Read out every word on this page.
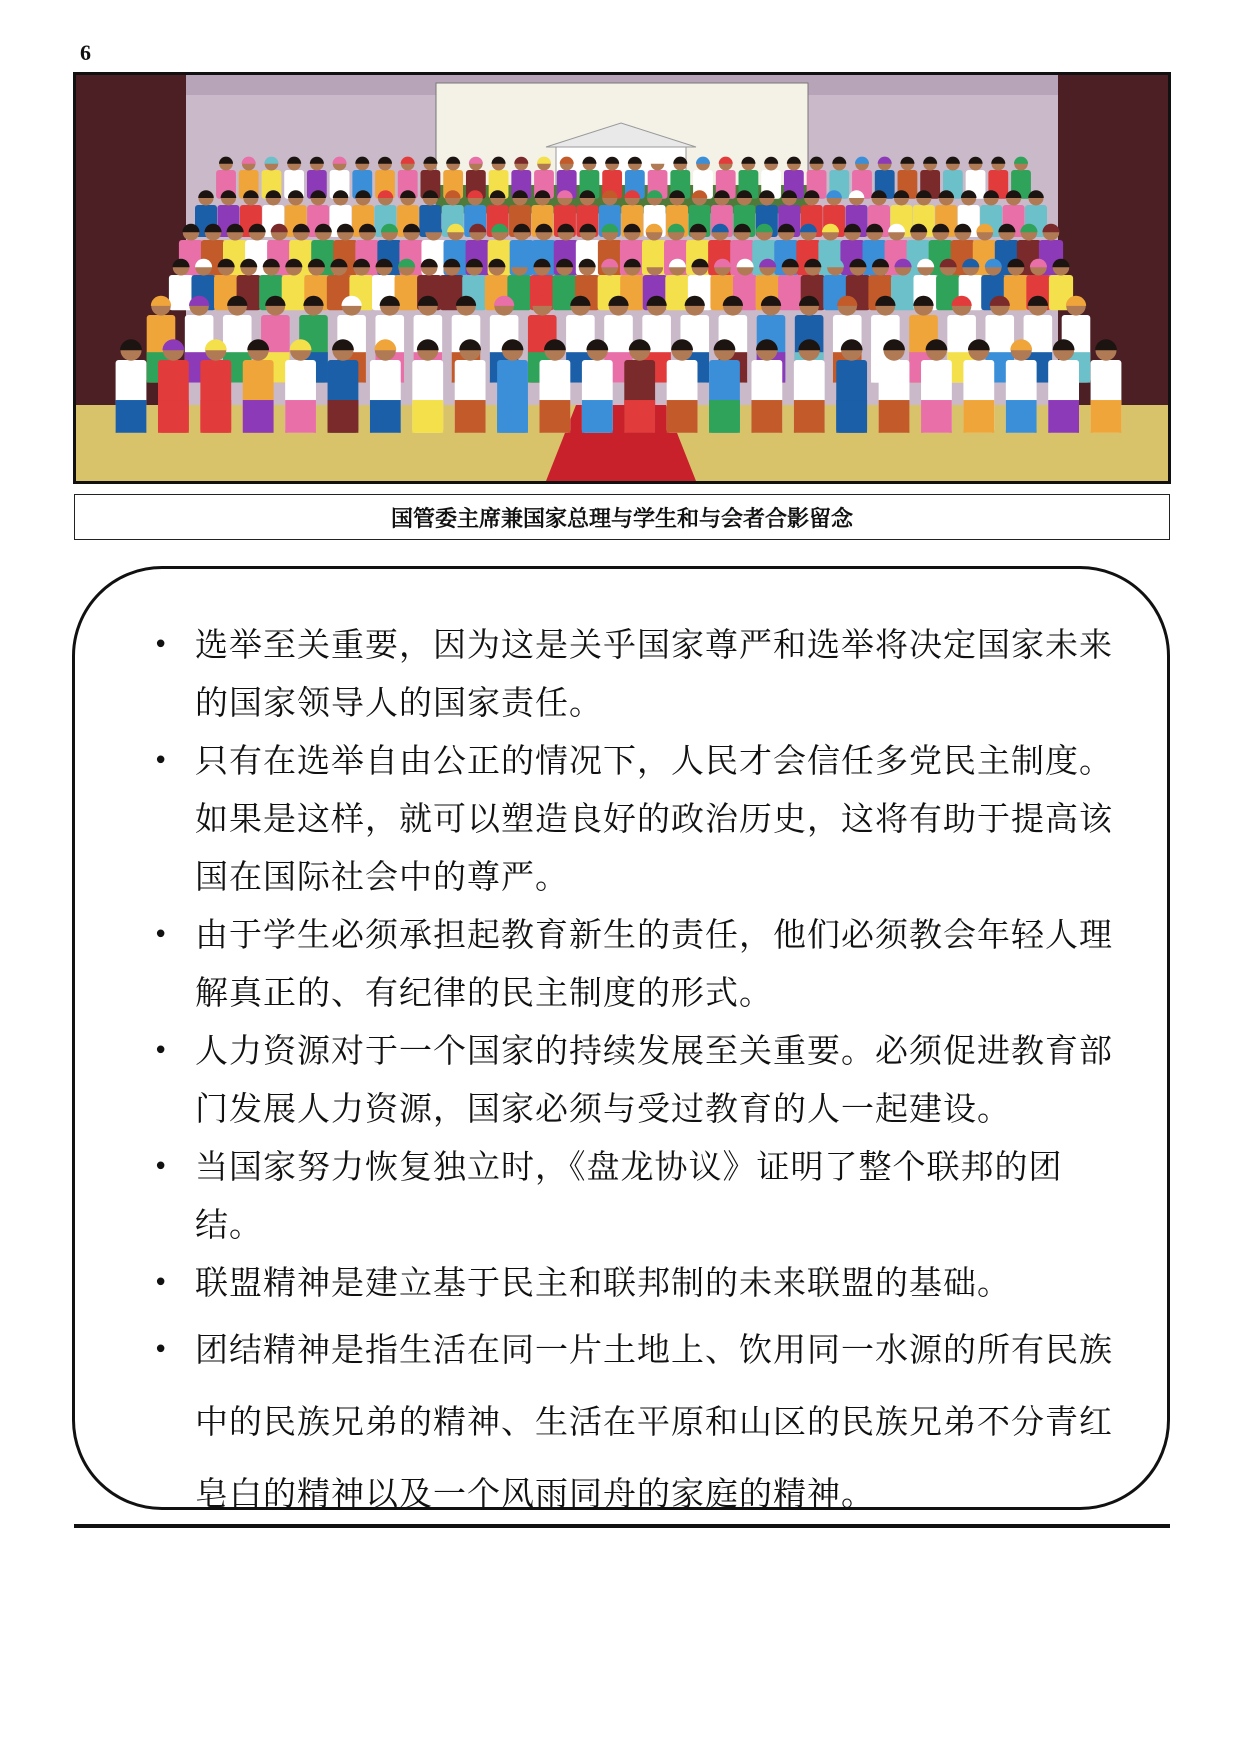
6
国管委主席兼国家总理与学生和与会者合影留念
• 选举至关重要，因为这是关乎国家尊严和选举将决定国家未来的国家领导人的国家责任。
• 只有在选举自由公正的情况下，人民才会信任多党民主制度。如果是这样，就可以塑造良好的政治历史，这将有助于提高该国在国际社会中的尊严。
• 由于学生必须承担起教育新生的责任，他们必须教会年轻人理解真正的、有纪律的民主制度的形式。
• 人力资源对于一个国家的持续发展至关重要。必须促进教育部门发展人力资源，国家必须与受过教育的人一起建设。
• 当国家努力恢复独立时，《盘龙协议》证明了整个联邦的团结。
• 联盟精神是建立基于民主和联邦制的未来联盟的基础。
• 团结精神是指生活在同一片土地上、饮用同一水源的所有民族中的民族兄弟的精神、生活在平原和山区的民族兄弟不分青红皂白的精神以及一个风雨同舟的家庭的精神。
